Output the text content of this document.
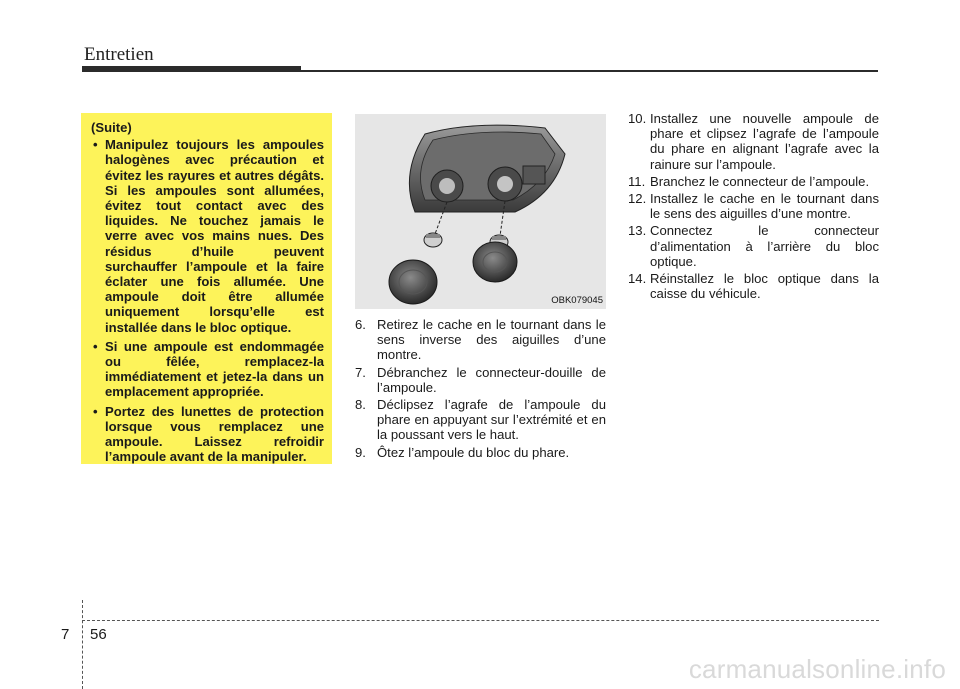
Entretien
(Suite)
• Manipulez toujours les ampoules halogènes avec précaution et évitez les rayures et autres dégâts. Si les ampoules sont allumées, évitez tout contact avec des liquides. Ne touchez jamais le verre avec vos mains nues. Des résidus d’huile peuvent surchauffer l’ampoule et la faire éclater une fois allumée. Une ampoule doit être allumée uniquement lorsqu’elle est installée dans le bloc optique.
• Si une ampoule est endommagée ou fêlée, remplacez-la immédiatement et jetez-la dans un emplacement appropriée.
• Portez des lunettes de protection lorsque vous remplacez une ampoule. Laissez refroidir l’ampoule avant de la manipuler.
OBK079045
6. Retirez le cache en le tournant dans le sens inverse des aiguilles d’une montre.
7. Débranchez le connecteur-douille de l’ampoule.
8. Déclipsez l’agrafe de l’ampoule du phare en appuyant sur l’extrémité et en la poussant vers le haut.
9. Ôtez l’ampoule du bloc du phare.
10. Installez une nouvelle ampoule de phare et clipsez l’agrafe de l’ampoule du phare en alignant l’agrafe avec la rainure sur l’ampoule.
11. Branchez le connecteur de l’ampoule.
12. Installez le cache en le tournant dans le sens des aiguilles d’une montre.
13. Connectez le connecteur d’alimentation à l’arrière du bloc optique.
14. Réinstallez le bloc optique dans la caisse du véhicule.
7 56
carmanualsonline.info
